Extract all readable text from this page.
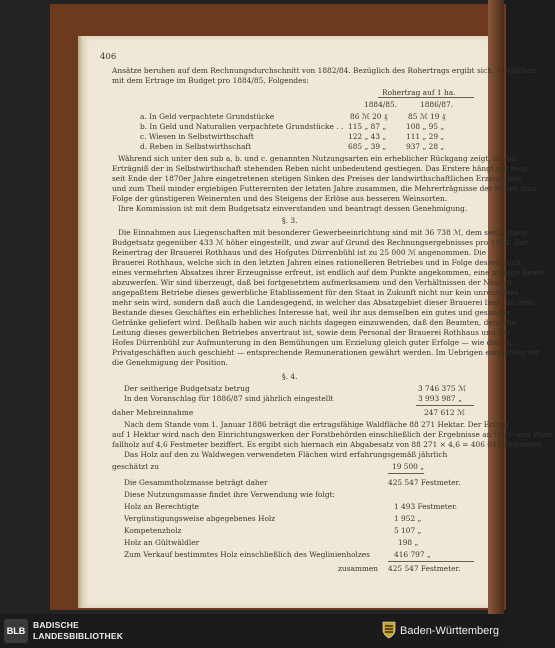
406
Ansätze beruhen auf dem Rechnungsdurchschnitt von 1882/84. Bezüglich des Rohertrags ergibt sich, verglichen
mit dem Ertrage im Budget pro 1884/85, Folgendes:
Rohertrag auf 1 ha.
1884/85.	1886/87.
a. In Geld verpachtete Grundstücke	86 ℳ 20 ₰	85 ℳ 19 ₰
b. In Geld und Naturalien verpachtete Grundstücke . . 115 „ 87 „	108 „ 95 „
c. Wiesen in Selbstwirthschaft	122 „ 43 „	111 „ 29 „
d. Reben in Selbstwirthschaft	685 „ 39 „	937 „ 28 „
Während sich unter den sub a, b. und c. genannten Nutzungsarten ein erheblicher Rückgang zeigt, ist das
Erträgniß der in Selbstwirthschaft stehenden Reben nicht unbedeutend gestiegen. Das Erstere hängt mit dem
seit Ende der 1870er Jahre eingetretenen stetigen Sinken des Preises der landwirthschaftlichen Erzeugnisse
und zum Theil minder ergiebigen Futterernten der letzten Jahre zusammen, die Mehrerträgnisse der Reben sind
Folge der günstigeren Weinernten und des Steigens der Erlöse aus besseren Weinsorten.
Ihre Kommission ist mit dem Budgetsatz einverstanden und beantragt dessen Genehmigung.
§. 3.
Die Einnahmen aus Liegenschaften mit besonderer Gewerbeeinrichtung sind mit 36 738 ℳ, dem seitherigen
Budgetsatz gegenüber 433 ℳ höher eingestellt, und zwar auf Grund des Rechnungsergebnisses pro 1884. Der
Reinertrag der Brauerei Rothhaus und des Hofgutes Dürrenbühl ist zu 25 000 ℳ angenommen. Die
Brauerei Rothhaus, welche sich in den letzten Jahren eines rationelleren Betriebes und in Folge dessen auch
eines vermehrten Absatzes ihrer Erzeugnisse erfreut, ist endlich auf dem Punkte angekommen, eine mäßige Rente
abzuwerfen. Wir sind überzeugt, daß bei fortgesetztem aufmerksamem und den Verhältnissen der Neuzeit
angepaßtem Betriebe dieses gewerbliche Etablissement für den Staat in Zukunft nicht nur kein unrentables
mehr sein wird, sondern daß auch die Landesgegend, in welcher das Absatzgebiet dieser Brauerei liegt, an dem
Bestande dieses Geschäftes ein erhebliches Interesse hat, weil ihr aus demselben ein gutes und gesundes
Getränke geliefert wird. Deßhalb haben wir auch nichts dagegen einzuwenden, daß den Beamten, denn die
Leitung dieses gewerblichen Betriebes anvertraut ist, sowie dem Personal der Brauerei Rothhaus und des
Hofes Dürrenbühl zur Aufmunterung in den Bemühungen um Erzielung gleich guter Erfolge — wie dies in
Privatgeschäften auch geschieht — entsprechende Remunerationen gewährt werden. Im Uebrigen empfehlen wir
die Genehmigung der Position.
§. 4.
Der seitherige Budgetsatz betrug	3 746 375 ℳ
In den Voranschlag für 1886/87 sind jährlich eingestellt	3 993 987 „
daher Mehreinnahme	247 612 ℳ
Nach dem Stande vom 1. Januar 1886 beträgt die ertragsfähige Waldfläche 88 271 Hektar. Der Ertrag
auf 1 Hektar wird nach den Einrichtungswerken der Forstbehörden einschließlich der Ergebnisse an Dürr- und Wind-
fallholz auf 4,6 Festmeter beziffert. Es ergibt sich hiernach ein Abgabesatz von 88 271 × 4,6 = 406 047 Festmeter.
Das Holz auf den zu Waldwegen verwendeten Flächen wird erfahrungsgemäß jährlich
geschätzt zu	19 500 „
Die Gesammtholzmasse beträgt daher	425 547 Festmeter.
Diese Nutzungsmasse findet ihre Verwendung wie folgt:
Holz an Berechtigte	1 493 Festmeter.
Vergünstigungsweise abgegebenes Holz	1 952 „
Kompetenzholz	5 107 „
Holz an Gültwäldler	198 „
Zum Verkauf bestimmtes Holz einschließlich des Weglinienholzes	416 797 „
zusammen 425 547 Festmeter.
BLB
BADISCHE
LANDESBIBLIOTHEK	Baden-Württemberg
